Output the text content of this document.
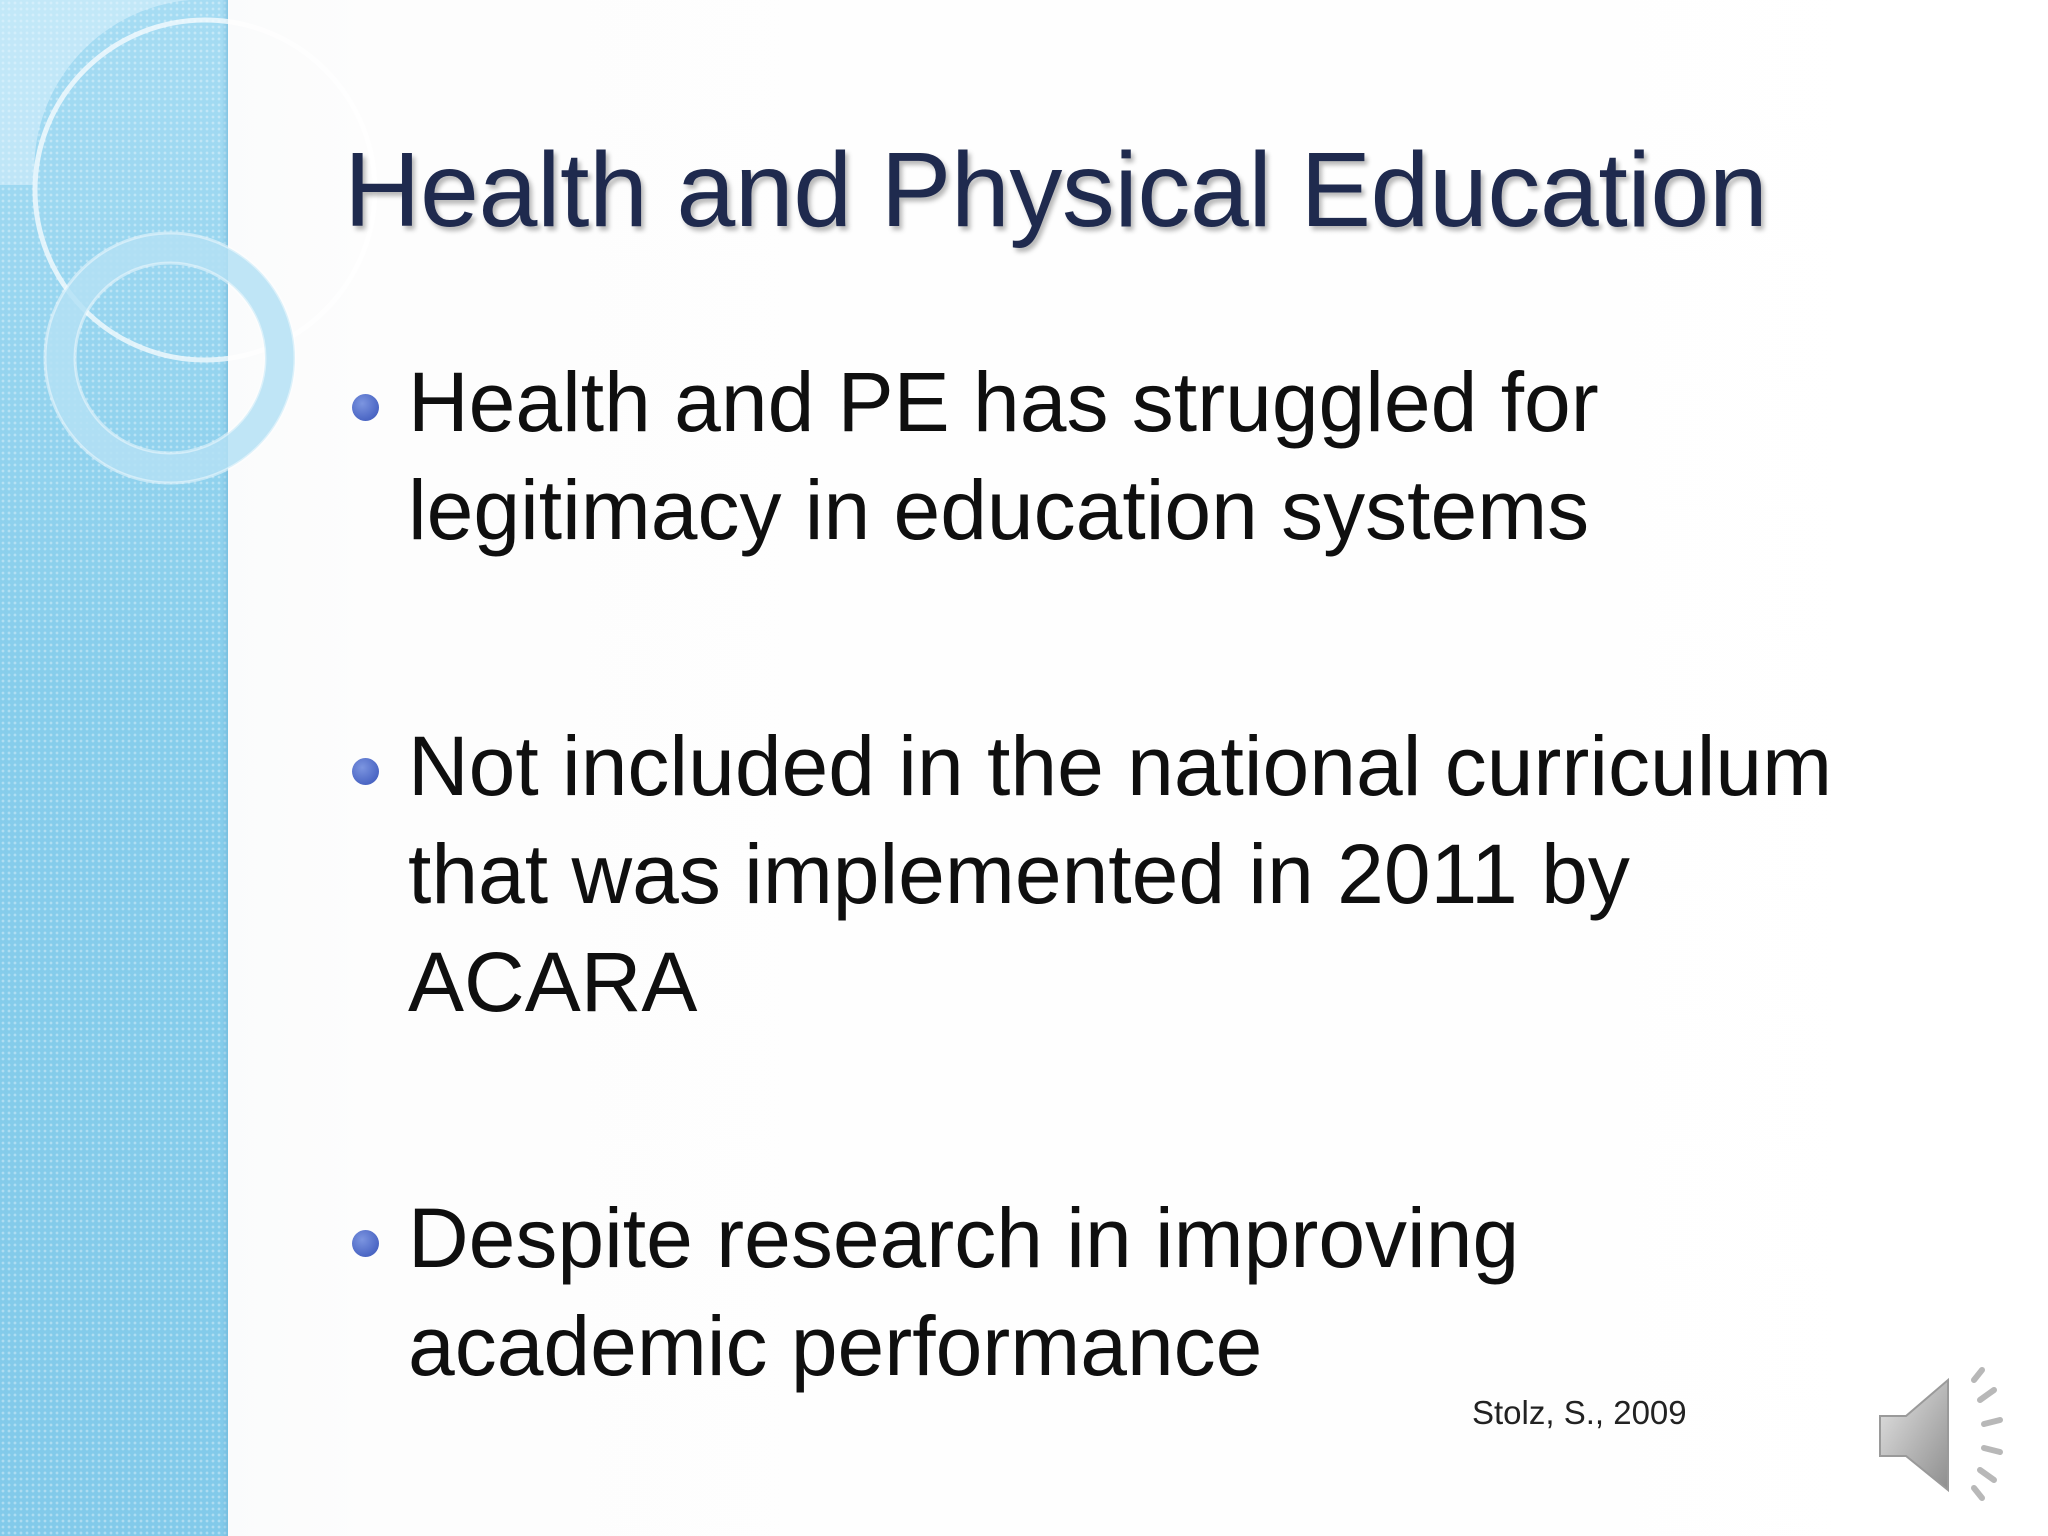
Health and Physical Education
Health and PE has struggled for
legitimacy in education systems
Not included in the national curriculum
that was implemented in 2011 by
ACARA
Despite research in improving
academic performance
Stolz, S., 2009
